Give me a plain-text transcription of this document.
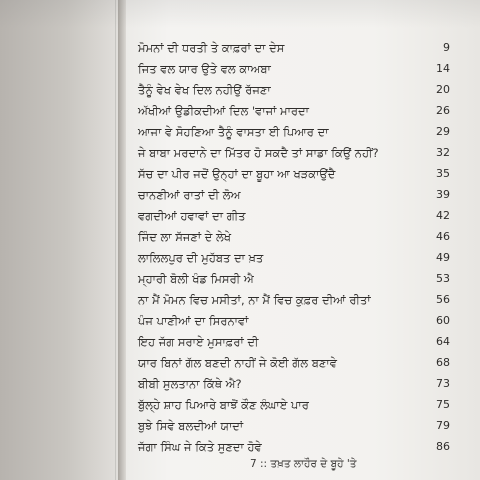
ਮੋਮਨਾਂ ਦੀ ਧਰਤੀ ਤੇ ਕਾਫ਼ਰਾਂ ਦਾ ਦੇਸ	9
ਜਿਤ ਵਲ ਯਾਰ ਉਤੇ ਵਲ ਕਾਅਬਾ	14
ਤੈਨੂੰ ਵੇਖ ਵੇਖ ਦਿਲ ਨਹੀਉਂ ਰੱਜਣਾ	20
ਅੱਖੀਆਂ ਉਡੀਕਦੀਆਂ ਦਿਲ 'ਵਾਜਾਂ ਮਾਰਦਾ	26
ਆਜਾ ਵੇ ਸੋਹਣਿਆ ਤੈਨੂੰ ਵਾਸਤਾ ਈ ਪਿਆਰ ਦਾ	29
ਜੇ ਬਾਬਾ ਮਰਦਾਨੇ ਦਾ ਮਿੱਤਰ ਹੋ ਸਕਦੈ ਤਾਂ ਸਾਡਾ ਕਿਉਂ ਨਹੀਂ?	32
ਸੱਚ ਦਾ ਪੀਰ ਜਦੋਂ ਉਨ੍ਹਾਂ ਦਾ ਬੂਹਾ ਆ ਖੜਕਾਉਂਦੈ	35
ਚਾਨਣੀਆਂ ਰਾਤਾਂ ਦੀ ਲੋਅ	39
ਵਗਦੀਆਂ ਹਵਾਵਾਂ ਦਾ ਗੀਤ	42
ਜਿੰਦ ਲਾ ਸੱਜਣਾਂ ਦੇ ਲੇਖੇ	46
ਲਾਲਿਲਪੁਰ ਦੀ ਮੁਹੱਬਤ ਦਾ ਖ਼ਤ	49
ਮ੍ਹਾਰੀ ਬੋਲੀ ਖੰਡ ਮਿਸਰੀ ਐ	53
ਨਾ ਮੈਂ ਮੋਮਨ ਵਿਚ ਮਸੀਤਾਂ, ਨਾ ਮੈਂ ਵਿਚ ਕੁਫ਼ਰ ਦੀਆਂ ਰੀਤਾਂ	56
ਪੰਜ ਪਾਣੀਆਂ ਦਾ ਸਿਰਨਾਵਾਂ	60
ਇਹ ਜੱਗ ਸਰਾਏ ਮੁਸਾਫ਼ਰਾਂ ਦੀ	64
ਯਾਰ ਬਿਨਾਂ ਗੱਲ ਬਣਦੀ ਨਾਹੀਂ ਜੇ ਕੋਈ ਗੱਲ ਬਣਾਵੇ	68
ਬੀਬੀ ਸੁਲਤਾਨਾ ਕਿੱਥੇ ਐ?	73
ਬੁੱਲ੍ਹੇ ਸ਼ਾਹ ਪਿਆਰੇ ਬਾਝੋਂ ਕੌਣ ਲੰਘਾਏ ਪਾਰ	75
ਬੁਝੇ ਸਿਵੇ ਬਲਦੀਆਂ ਯਾਦਾਂ	79
ਜੱਗਾ ਸਿੰਘ ਜੇ ਕਿਤੇ ਸੁਣਦਾ ਹੋਵੇ	86
7 :: ਤਖ਼ਤ ਲਾਹੌਰ ਦੇ ਬੂਹੇ 'ਤੇ
